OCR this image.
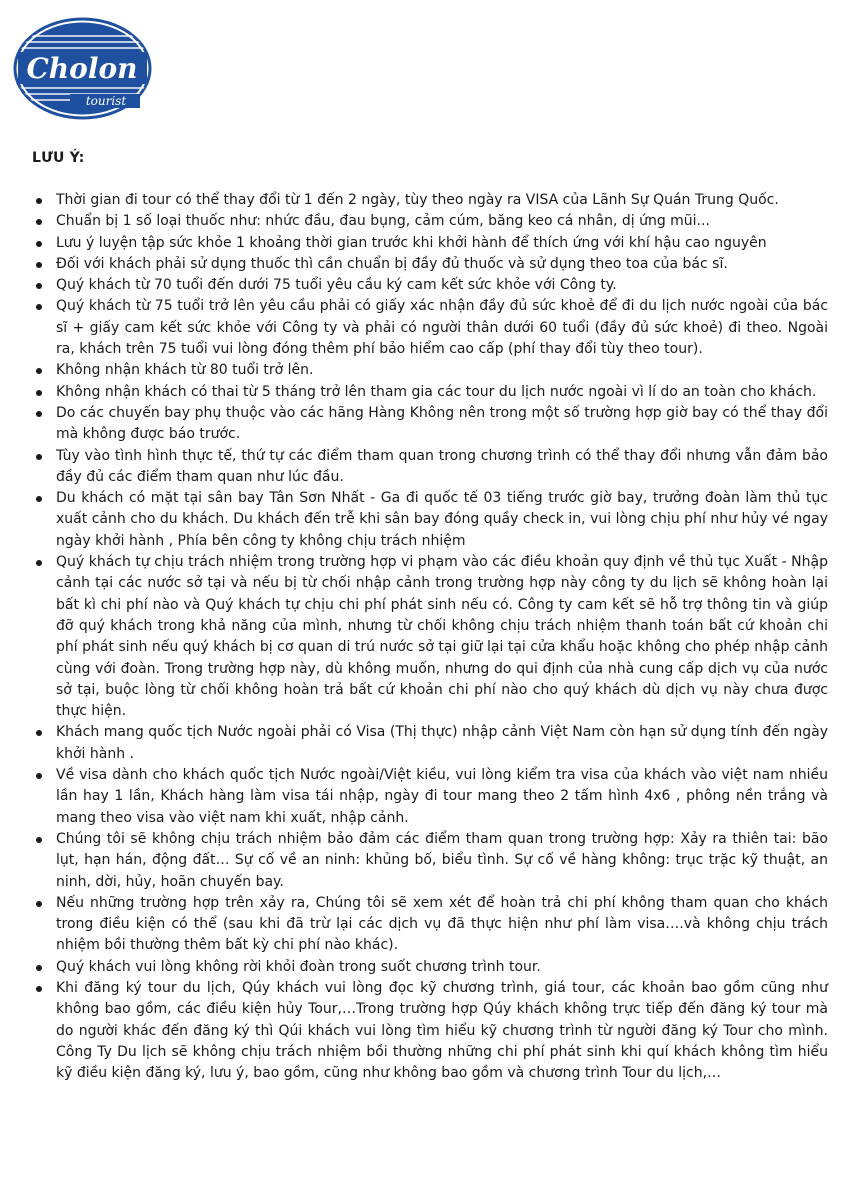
Cholon
tourist
LƯU Ý:
Thời gian đi tour có thể thay đổi từ 1 đến 2 ngày, tùy theo ngày ra VISA của Lãnh Sự Quán Trung Quốc.
Chuẩn bị 1 số loại thuốc như: nhức đầu, đau bụng, cảm cúm, băng keo cá nhân, dị ứng mũi...
Lưu ý luyện tập sức khỏe 1 khoảng thời gian trước khi khởi hành để thích ứng với khí hậu cao nguyên
Đối với khách phải sử dụng thuốc thì cần chuẩn bị đầy đủ thuốc và sử dụng theo toa của bác sĩ.
Quý khách từ 70 tuổi đến dưới 75 tuổi yêu cầu ký cam kết sức khỏe với Công ty.
Quý khách từ 75 tuổi trở lên yêu cầu phải có giấy xác nhận đầy đủ sức khoẻ để đi du lịch nước ngoài của bác sĩ + giấy cam kết sức khỏe với Công ty và phải có người thân dưới 60 tuổi (đầy đủ sức khoẻ) đi theo. Ngoài ra, khách trên 75 tuổi vui lòng đóng thêm phí bảo hiểm cao cấp (phí thay đổi tùy theo tour).
Không nhận khách từ 80 tuổi trở lên.
Không nhận khách có thai từ 5 tháng trở lên tham gia các tour du lịch nước ngoài vì lí do an toàn cho khách.
Do các chuyến bay phụ thuộc vào các hãng Hàng Không nên trong một số trường hợp giờ bay có thể thay đổi mà không được báo trước.
Tùy vào tình hình thực tế, thứ tự các điểm tham quan trong chương trình có thể thay đổi nhưng vẫn đảm bảo đầy đủ các điểm tham quan như lúc đầu.
Du khách có mặt tại sân bay Tân Sơn Nhất - Ga đi quốc tế 03 tiếng trước giờ bay, trưởng đoàn làm thủ tục xuất cảnh cho du khách. Du khách đến trễ khi sân bay đóng quầy check in, vui lòng chịu phí như hủy vé ngay ngày khởi hành , Phía bên công ty không chịu trách nhiệm
Quý khách tự chịu trách nhiệm trong trường hợp vi phạm vào các điều khoản quy định về thủ tục Xuất - Nhập cảnh tại các nước sở tại và nếu bị từ chối nhập cảnh trong trường hợp này công ty du lịch sẽ không hoàn lại bất kì chi phí nào và Quý khách tự chịu chi phí phát sinh nếu có. Công ty cam kết sẽ hỗ trợ thông tin và giúp đỡ quý khách trong khả năng của mình, nhưng từ chối không chịu trách nhiệm thanh toán bất cứ khoản chi phí phát sinh nếu quý khách bị cơ quan di trú nước sở tại giữ lại tại cửa khẩu hoặc không cho phép nhập cảnh cùng với đoàn. Trong trường hợp này, dù không muốn, nhưng do qui định của nhà cung cấp dịch vụ của nước sở tại, buộc lòng từ chối không hoàn trả bất cứ khoản chi phí nào cho quý khách dù dịch vụ này chưa được thực hiện.
Khách mang quốc tịch Nước ngoài phải có Visa (Thị thực) nhập cảnh Việt Nam còn hạn sử dụng tính đến ngày khởi hành .
Về visa dành cho khách quốc tịch Nước ngoài/Việt kiều, vui lòng kiểm tra visa của khách vào việt nam nhiều lần hay 1 lần, Khách hàng làm visa tái nhập, ngày đi tour mang theo 2 tấm hình 4x6 , phông nền trắng và mang theo visa vào việt nam khi xuất, nhập cảnh.
Chúng tôi sẽ không chịu trách nhiệm bảo đảm các điểm tham quan trong trường hợp: Xảy ra thiên tai: bão lụt, hạn hán, động đất… Sự cố về an ninh: khủng bố, biểu tình. Sự cố về hàng không: trục trặc kỹ thuật, an ninh, dời, hủy, hoãn chuyến bay.
Nếu những trường hợp trên xảy ra, Chúng tôi sẽ xem xét để hoàn trả chi phí không tham quan cho khách trong điều kiện có thể (sau khi đã trừ lại các dịch vụ đã thực hiện như phí làm visa….và không chịu trách nhiệm bồi thường thêm bất kỳ chi phí nào khác).
Quý khách vui lòng không rời khỏi đoàn trong suốt chương trình tour.
Khi đăng ký tour du lịch, Qúy khách vui lòng đọc kỹ chương trình, giá tour, các khoản bao gồm cũng như không bao gồm, các điều kiện hủy Tour,…Trong trường hợp Qúy khách không trực tiếp đến đăng ký tour mà do người khác đến đăng ký thì Qúi khách vui lòng tìm hiểu kỹ chương trình từ người đăng ký Tour cho mình. Công Ty Du lịch sẽ không chịu trách nhiệm bồi thường những chi phí phát sinh khi quí khách không tìm hiểu kỹ điều kiện đăng ký, lưu ý, bao gồm, cũng như không bao gồm và chương trình Tour du lịch,…
